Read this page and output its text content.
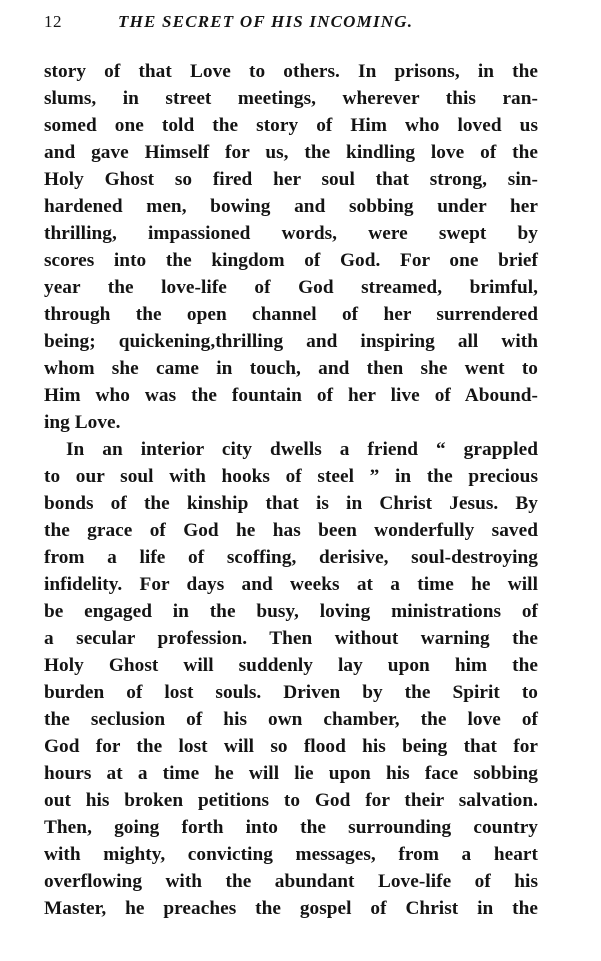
12	THE SECRET OF HIS INCOMING.
story of that Love to others. In prisons, in the
slums, in street meetings, wherever this ran-
somed one told the story of Him who loved us
and gave Himself for us, the kindling love of the
Holy Ghost so fired her soul that strong, sin-
hardened men, bowing and sobbing under her
thrilling, impassioned words, were swept by
scores into the kingdom of God. For one brief
year the love-life of God streamed, brimful,
through the open channel of her surrendered
being; quickening,thrilling and inspiring all with
whom she came in touch, and then she went to
Him who was the fountain of her live of Abound-
ing Love.
In an interior city dwells a friend “ grappled
to our soul with hooks of steel ” in the precious
bonds of the kinship that is in Christ Jesus. By
the grace of God he has been wonderfully saved
from a life of scoffing, derisive, soul-destroying
infidelity. For days and weeks at a time he will
be engaged in the busy, loving ministrations of
a secular profession. Then without warning the
Holy Ghost will suddenly lay upon him the
burden of lost souls. Driven by the Spirit to
the seclusion of his own chamber, the love of
God for the lost will so flood his being that for
hours at a time he will lie upon his face sobbing
out his broken petitions to God for their salvation.
Then, going forth into the surrounding country
with mighty, convicting messages, from a heart
overflowing with the abundant Love-life of his
Master, he preaches the gospel of Christ in the
